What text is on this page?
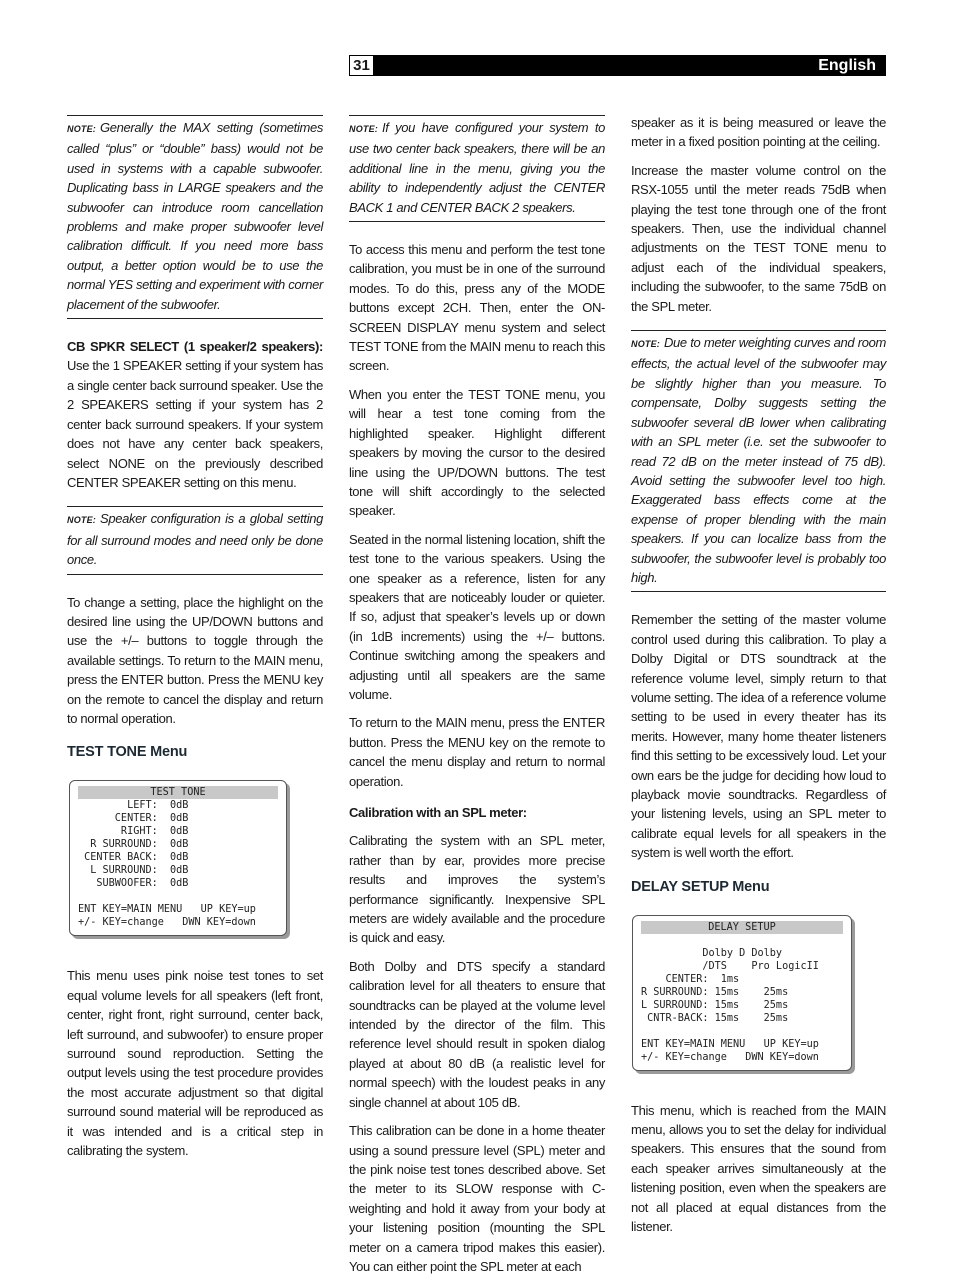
31	English

NOTE: Generally the MAX setting (sometimes called “plus” or “double” bass) would not be used in systems with a capable subwoofer. Duplicating bass in LARGE speakers and the subwoofer can introduce room cancellation problems and make proper subwoofer level calibration difficult. If you need more bass output, a better option would be to use the normal YES setting and experiment with corner placement of the subwoofer.

CB SPKR SELECT (1 speaker/2 speakers): Use the 1 SPEAKER setting if your system has a single center back surround speaker. Use the 2 SPEAKERS setting if your system has 2 center back surround speakers. If your system does not have any center back speakers, select NONE on the previously described CENTER SPEAKER setting on this menu.

NOTE: Speaker configuration is a global setting for all surround modes and need only be done once.

To change a setting, place the highlight on the desired line using the UP/DOWN buttons and use the +/– buttons to toggle through the available settings. To return to the MAIN menu, press the ENTER button. Press the MENU key on the remote to cancel the display and return to normal operation.

TEST TONE Menu
TEST TONE
LEFT:  0dB
CENTER:  0dB
RIGHT:  0dB
R SURROUND:  0dB
CENTER BACK:  0dB
L SURROUND:  0dB
SUBWOOFER:  0dB

ENT KEY=MAIN MENU   UP KEY=up
+/- KEY=change   DWN KEY=down

This menu uses pink noise test tones to set equal volume levels for all speakers (left front, center, right front, right surround, center back, left surround, and subwoofer) to ensure proper surround sound reproduction. Setting the output levels using the test procedure provides the most accurate adjustment so that digital surround sound material will be reproduced as it was intended and is a critical step in calibrating the system.

NOTE: If you have configured your system to use two center back speakers, there will be an additional line in the menu, giving you the ability to independently adjust the CENTER BACK 1 and CENTER BACK 2 speakers.

To access this menu and perform the test tone calibration, you must be in one of the surround modes. To do this, press any of the MODE buttons except 2CH. Then, enter the ON-SCREEN DISPLAY menu system and select TEST TONE from the MAIN menu to reach this screen.

When you enter the TEST TONE menu, you will hear a test tone coming from the highlighted speaker. Highlight different speakers by moving the cursor to the desired line using the UP/DOWN buttons. The test tone will shift accordingly to the selected speaker.

Seated in the normal listening location, shift the test tone to the various speakers. Using the one speaker as a reference, listen for any speakers that are noticeably louder or quieter. If so, adjust that speaker’s levels up or down (in 1dB increments) using the +/– buttons. Continue switching among the speakers and adjusting until all speakers are the same volume.

To return to the MAIN menu, press the ENTER button. Press the MENU key on the remote to cancel the menu display and return to normal operation.

Calibration with an SPL meter:

Calibrating the system with an SPL meter, rather than by ear, provides more precise results and improves the system’s performance significantly. Inexpensive SPL meters are widely available and the procedure is quick and easy.

Both Dolby and DTS specify a standard calibration level for all theaters to ensure that soundtracks can be played at the volume level intended by the director of the film. This reference level should result in spoken dialog played at about 80 dB (a realistic level for normal speech) with the loudest peaks in any single channel at about 105 dB.

This calibration can be done in a home theater using a sound pressure level (SPL) meter and the pink noise test tones described above. Set the meter to its SLOW response with C-weighting and hold it away from your body at your listening position (mounting the SPL meter on a camera tripod makes this easier). You can either point the SPL meter at each

speaker as it is being measured or leave the meter in a fixed position pointing at the ceiling.

Increase the master volume control on the RSX-1055 until the meter reads 75dB when playing the test tone through one of the front speakers. Then, use the individual channel adjustments on the TEST TONE menu to adjust each of the individual speakers, including the subwoofer, to the same 75dB on the SPL meter.

NOTE: Due to meter weighting curves and room effects, the actual level of the subwoofer may be slightly higher than you measure. To compensate, Dolby suggests setting the subwoofer several dB lower when calibrating with an SPL meter (i.e. set the subwoofer to read 72 dB on the meter instead of 75 dB). Avoid setting the subwoofer level too high. Exaggerated bass effects come at the expense of proper blending with the main speakers. If you can localize bass from the subwoofer, the subwoofer level is probably too high.

Remember the setting of the master volume control used during this calibration. To play a Dolby Digital or DTS soundtrack at the reference volume level, simply return to that volume setting. The idea of a reference volume setting to be used in every theater has its merits. However, many home theater listeners find this setting to be excessively loud. Let your own ears be the judge for deciding how loud to playback movie soundtracks. Regardless of your listening levels, using an SPL meter to calibrate equal levels for all speakers in the system is well worth the effort.

DELAY SETUP Menu
DELAY SETUP

Dolby D Dolby
/DTS    Pro LogicII
CENTER:  1ms
R SURROUND: 15ms    25ms
L SURROUND: 15ms    25ms
CNTR-BACK: 15ms    25ms

ENT KEY=MAIN MENU   UP KEY=up
+/- KEY=change   DWN KEY=down

This menu, which is reached from the MAIN menu, allows you to set the delay for individual speakers. This ensures that the sound from each speaker arrives simultaneously at the listening position, even when the speakers are not all placed at equal distances from the listener.
